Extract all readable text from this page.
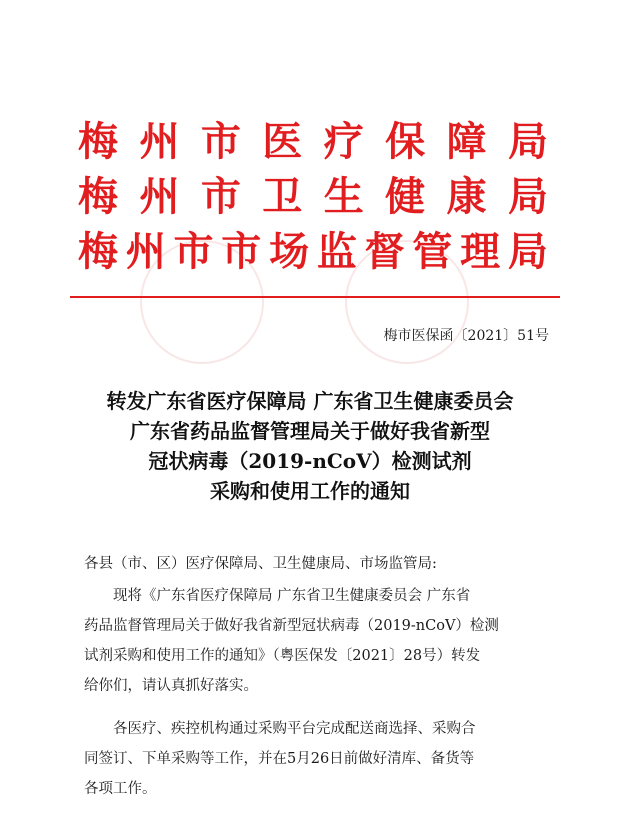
梅 州 市 医 疗 保 障 局
梅 州 市 卫 生 健 康 局
梅 州 市 市 场 监 督 管 理 局
梅市医保函〔2021〕51号
转发广东省医疗保障局 广东省卫生健康委员会
广东省药品监督管理局关于做好我省新型
冠状病毒（2019-nCoV）检测试剂
采购和使用工作的通知
各县（市、区）医疗保障局、卫生健康局、市场监管局:
现将《广东省医疗保障局 广东省卫生健康委员会 广东省
药品监督管理局关于做好我省新型冠状病毒（2019-nCoV）检测
试剂采购和使用工作的通知》（粤医保发〔2021〕28号）转发
给你们，请认真抓好落实。
各医疗、疾控机构通过采购平台完成配送商选择、采购合
同签订、下单采购等工作，并在5月26日前做好清库、备货等
各项工作。
